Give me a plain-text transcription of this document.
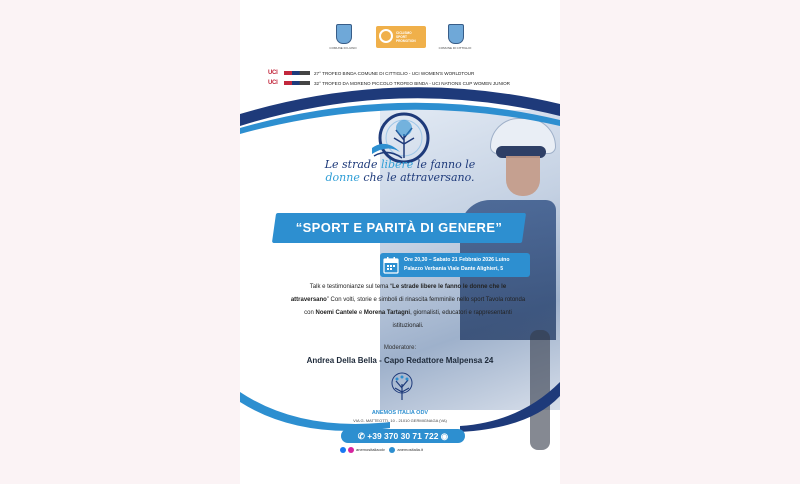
COMUNE DI LUINO
CICLISMO
SPORT
PROMOTION
COMUNE DI CITTIGLIO
UCI	27° TROFEO BINDA COMUNE DI CITTIGLIO - UCI WOMEN'S WORLDTOUR
UCI	32° TROFEO DA MORENO PICCOLO TROFEO BINDA - UCI NATIONS CUP WOMEN JUNIOR
Le strade libere le fanno le
donne che le attraversano.
“SPORT E PARITÀ DI GENERE”
Ore 20,30 – Sabato 21 Febbraio 2026 Luino
Palazzo Verbania Viale Dante Alighieri, 5
Talk e testimonianze sul tema “Le strade libere le fanno le donne che le attraversano” Con volti, storie e simboli di rinascita femminile nello sport Tavola rotonda con Noemi Cantele e Morena Tartagni, giornalisti, educatori e rappresentanti istituzionali.
Moderatore:
Andrea Della Bella - Capo Redattore Malpensa 24
ANEMOS ITALIA ODV
VIA G. MATTEOTTI, 10 - 21010 GERMIGNAGA (VA)
✆ +39 370 30 71 722 ◉
anemositaliaodv	anemositalia.it
